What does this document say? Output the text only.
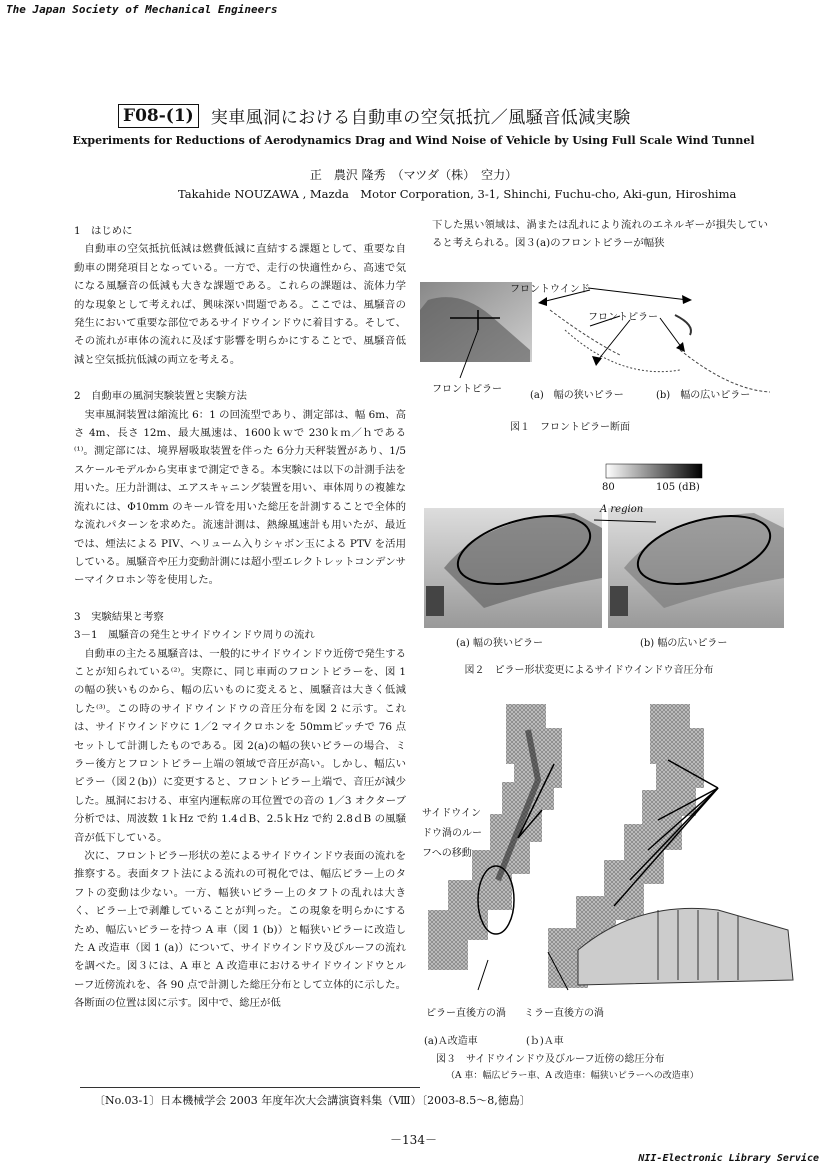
The Japan Society of Mechanical Engineers
F08-(1) 実車風洞における自動車の空気抵抗／風騒音低減実験
Experiments for Reductions of Aerodynamics Drag and Wind Noise of Vehicle by Using Full Scale Wind Tunnel
正　農沢 隆秀　（マツダ（株）　空力）
Takahide NOUZAWA , Mazda　Motor Corporation, 3-1, Shinchi, Fuchu-cho, Aki-gun, Hiroshima

1　はじめに

自動車の空気抵抗低減は燃費低減に直結する課題として、重要な自動車の開発項目となっている。一方で、走行の快適性から、高速で気になる風騒音の低減も大きな課題である。これらの課題は、流体力学的な現象として考えれば、興味深い問題である。ここでは、風騒音の発生において重要な部位であるサイドウインドウに着目する。そして、その流れが車体の流れに及ぼす影響を明らかにすることで、風騒音低減と空気抵抗低減の両立を考える。

2　自動車の風洞実験装置と実験方法

実車風洞装置は縮流比 6：1 の回流型であり、測定部は、幅 6m、高さ 4m、長さ 12m、最大風速は、1600ｋｗで 230ｋｍ／ｈである⁽¹⁾。測定部には、境界層吸取装置を伴った 6分力天秤装置があり、1/5 スケールモデルから実車まで測定できる。本実験には以下の計測手法を用いた。圧力計測は、エアスキャニング装置を用い、車体周りの複雑な流れには、Φ10mm のキール管を用いた総圧を計測することで全体的な流れパターンを求めた。流速計測は、熱線風速計も用いたが、最近では、煙法による PIV、ヘリューム入りシャボン玉による PTV を活用している。風騒音や圧力変動計測には超小型エレクトレットコンデンサーマイクロホン等を使用した。

3　実験結果と考察

3－1　風騒音の発生とサイドウインドウ周りの流れ

自動車の主たる風騒音は、一般的にサイドウインドウ近傍で発生することが知られている⁽²⁾。実際に、同じ車両のフロントピラーを、図 1 の幅の狭いものから、幅の広いものに変えると、風騒音は大きく低減した⁽³⁾。この時のサイドウインドウの音圧分布を図 2 に示す。これは、サイドウインドウに 1／2 マイクロホンを 50mmピッチで 76 点セットして計測したものである。図 2(a)の幅の狭いピラーの場合、ミラー後方とフロントピラー上端の領域で音圧が高い。しかし、幅広いピラー（図２(b)）に変更すると、フロントピラー上端で、音圧が減少した。風洞における、車室内運転席の耳位置での音の 1／3 オクターブ分析では、周波数 1ｋHz で約 1.4ｄB、2.5ｋHz で約 2.8ｄB の風騒音が低下している。

次に、フロントピラー形状の差によるサイドウインドウ表面の流れを推察する。表面タフト法による流れの可視化では、幅広ピラー上のタフトの変動は少ない。一方、幅狭いピラー上のタフトの乱れは大きく、ピラー上で剥離していることが判った。この現象を明らかにするため、幅広いピラーを持つ A 車（図 1 (b)）と幅狭いピラーに改造した A 改造車（図 1 (a)）について、サイドウインドウ及びルーフの流れを調べた。図３には、A 車と A 改造車におけるサイドウインドウとルーフ近傍流れを、各 90 点で計測した総圧分布として立体的に示した。各断面の位置は図に示す。図中で、総圧が低

下した黒い領域は、渦または乱れにより流れのエネルギーが損失していると考えられる。図３(a)のフロントピラーが幅狭
フロントウインド
フロントピラー
フロントピラー
(a)　幅の狭いピラー	(b)　幅の広いピラー
図１　フロントピラー断面
80	105 (dB)
A region
(a) 幅の狭いピラー	(b) 幅の広いピラー
図２　ピラー形状変更によるサイドウインドウ音圧分布
サイドウイン
ドウ渦のルー
フへの移動
ピラー直後方の渦 ミラー直後方の渦
(a)Ａ改造車	(ｂ)Ａ車
図３　サイドウインドウ及びルーフ近傍の総圧分布
（A 車：幅広ピラー車、A 改造車：幅狭いピラーへの改造車）
〔No.03-1〕日本機械学会 2003 年度年次大会講演資料集（Ⅷ）〔2003-8.5～8,徳島〕
－134－
NII-Electronic Library Service
